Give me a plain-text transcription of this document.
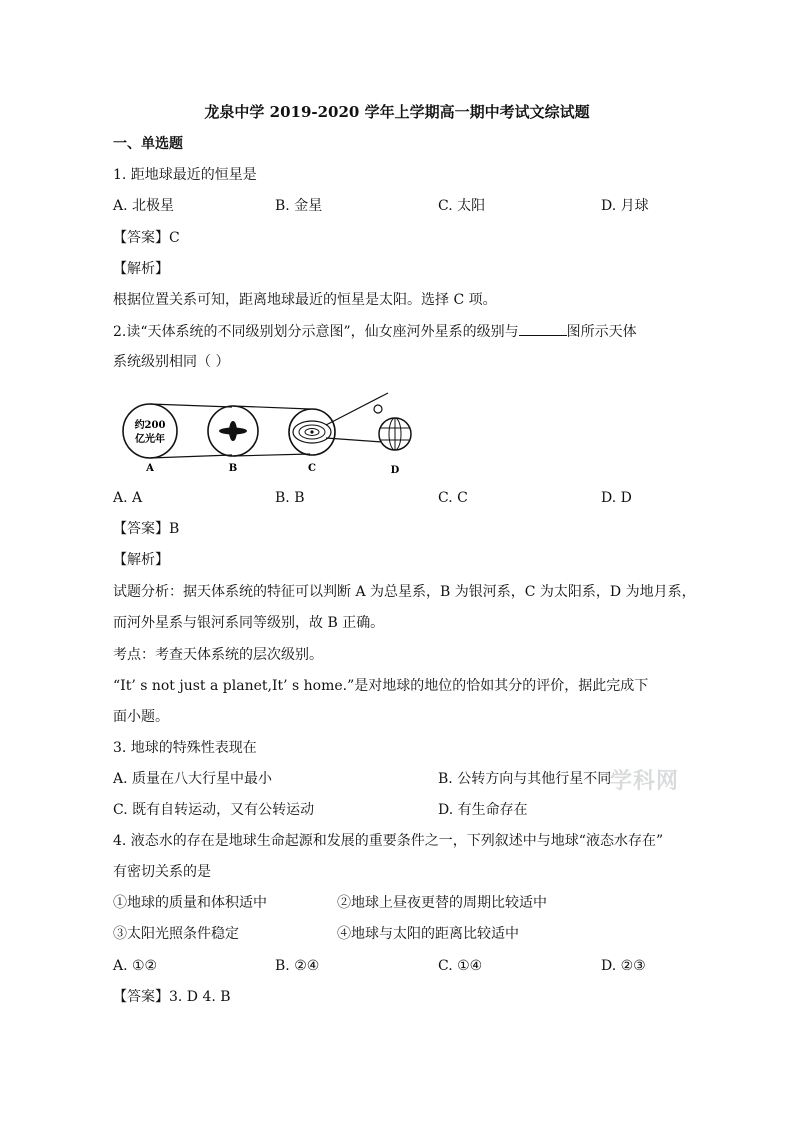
龙泉中学 2019-2020 学年上学期高一期中考试文综试题
一、单选题
1. 距地球最近的恒星是
A. 北极星	B. 金星	C. 太阳	D. 月球
【答案】C
【解析】
根据位置关系可知，距离地球最近的恒星是太阳。选择 C 项。
2.读“天体系统的不同级别划分示意图”，仙女座河外星系的级别与	图所示天体
系统级别相同（ ）
约200
亿光年
A	B	C	D
A. A	B. B	C. C	D. D
【答案】B
【解析】
试题分析：据天体系统的特征可以判断 A 为总星系，B 为银河系，C 为太阳系，D 为地月系，
而河外星系与银河系同等级别，故 B 正确。
考点：考查天体系统的层次级别。
“It’ s not just a planet,It’ s home.”是对地球的地位的恰如其分的评价，据此完成下
面小题。
3. 地球的特殊性表现在
A. 质量在八大行星中最小	B. 公转方向与其他行星不同
C. 既有自转运动，又有公转运动	D. 有生命存在
学科网
4. 液态水的存在是地球生命起源和发展的重要条件之一，下列叙述中与地球“液态水存在”
有密切关系的是
①地球的质量和体积适中	②地球上昼夜更替的周期比较适中
③太阳光照条件稳定	④地球与太阳的距离比较适中
A. ①②	B. ②④	C. ①④	D. ②③
【答案】3. D 4. B
